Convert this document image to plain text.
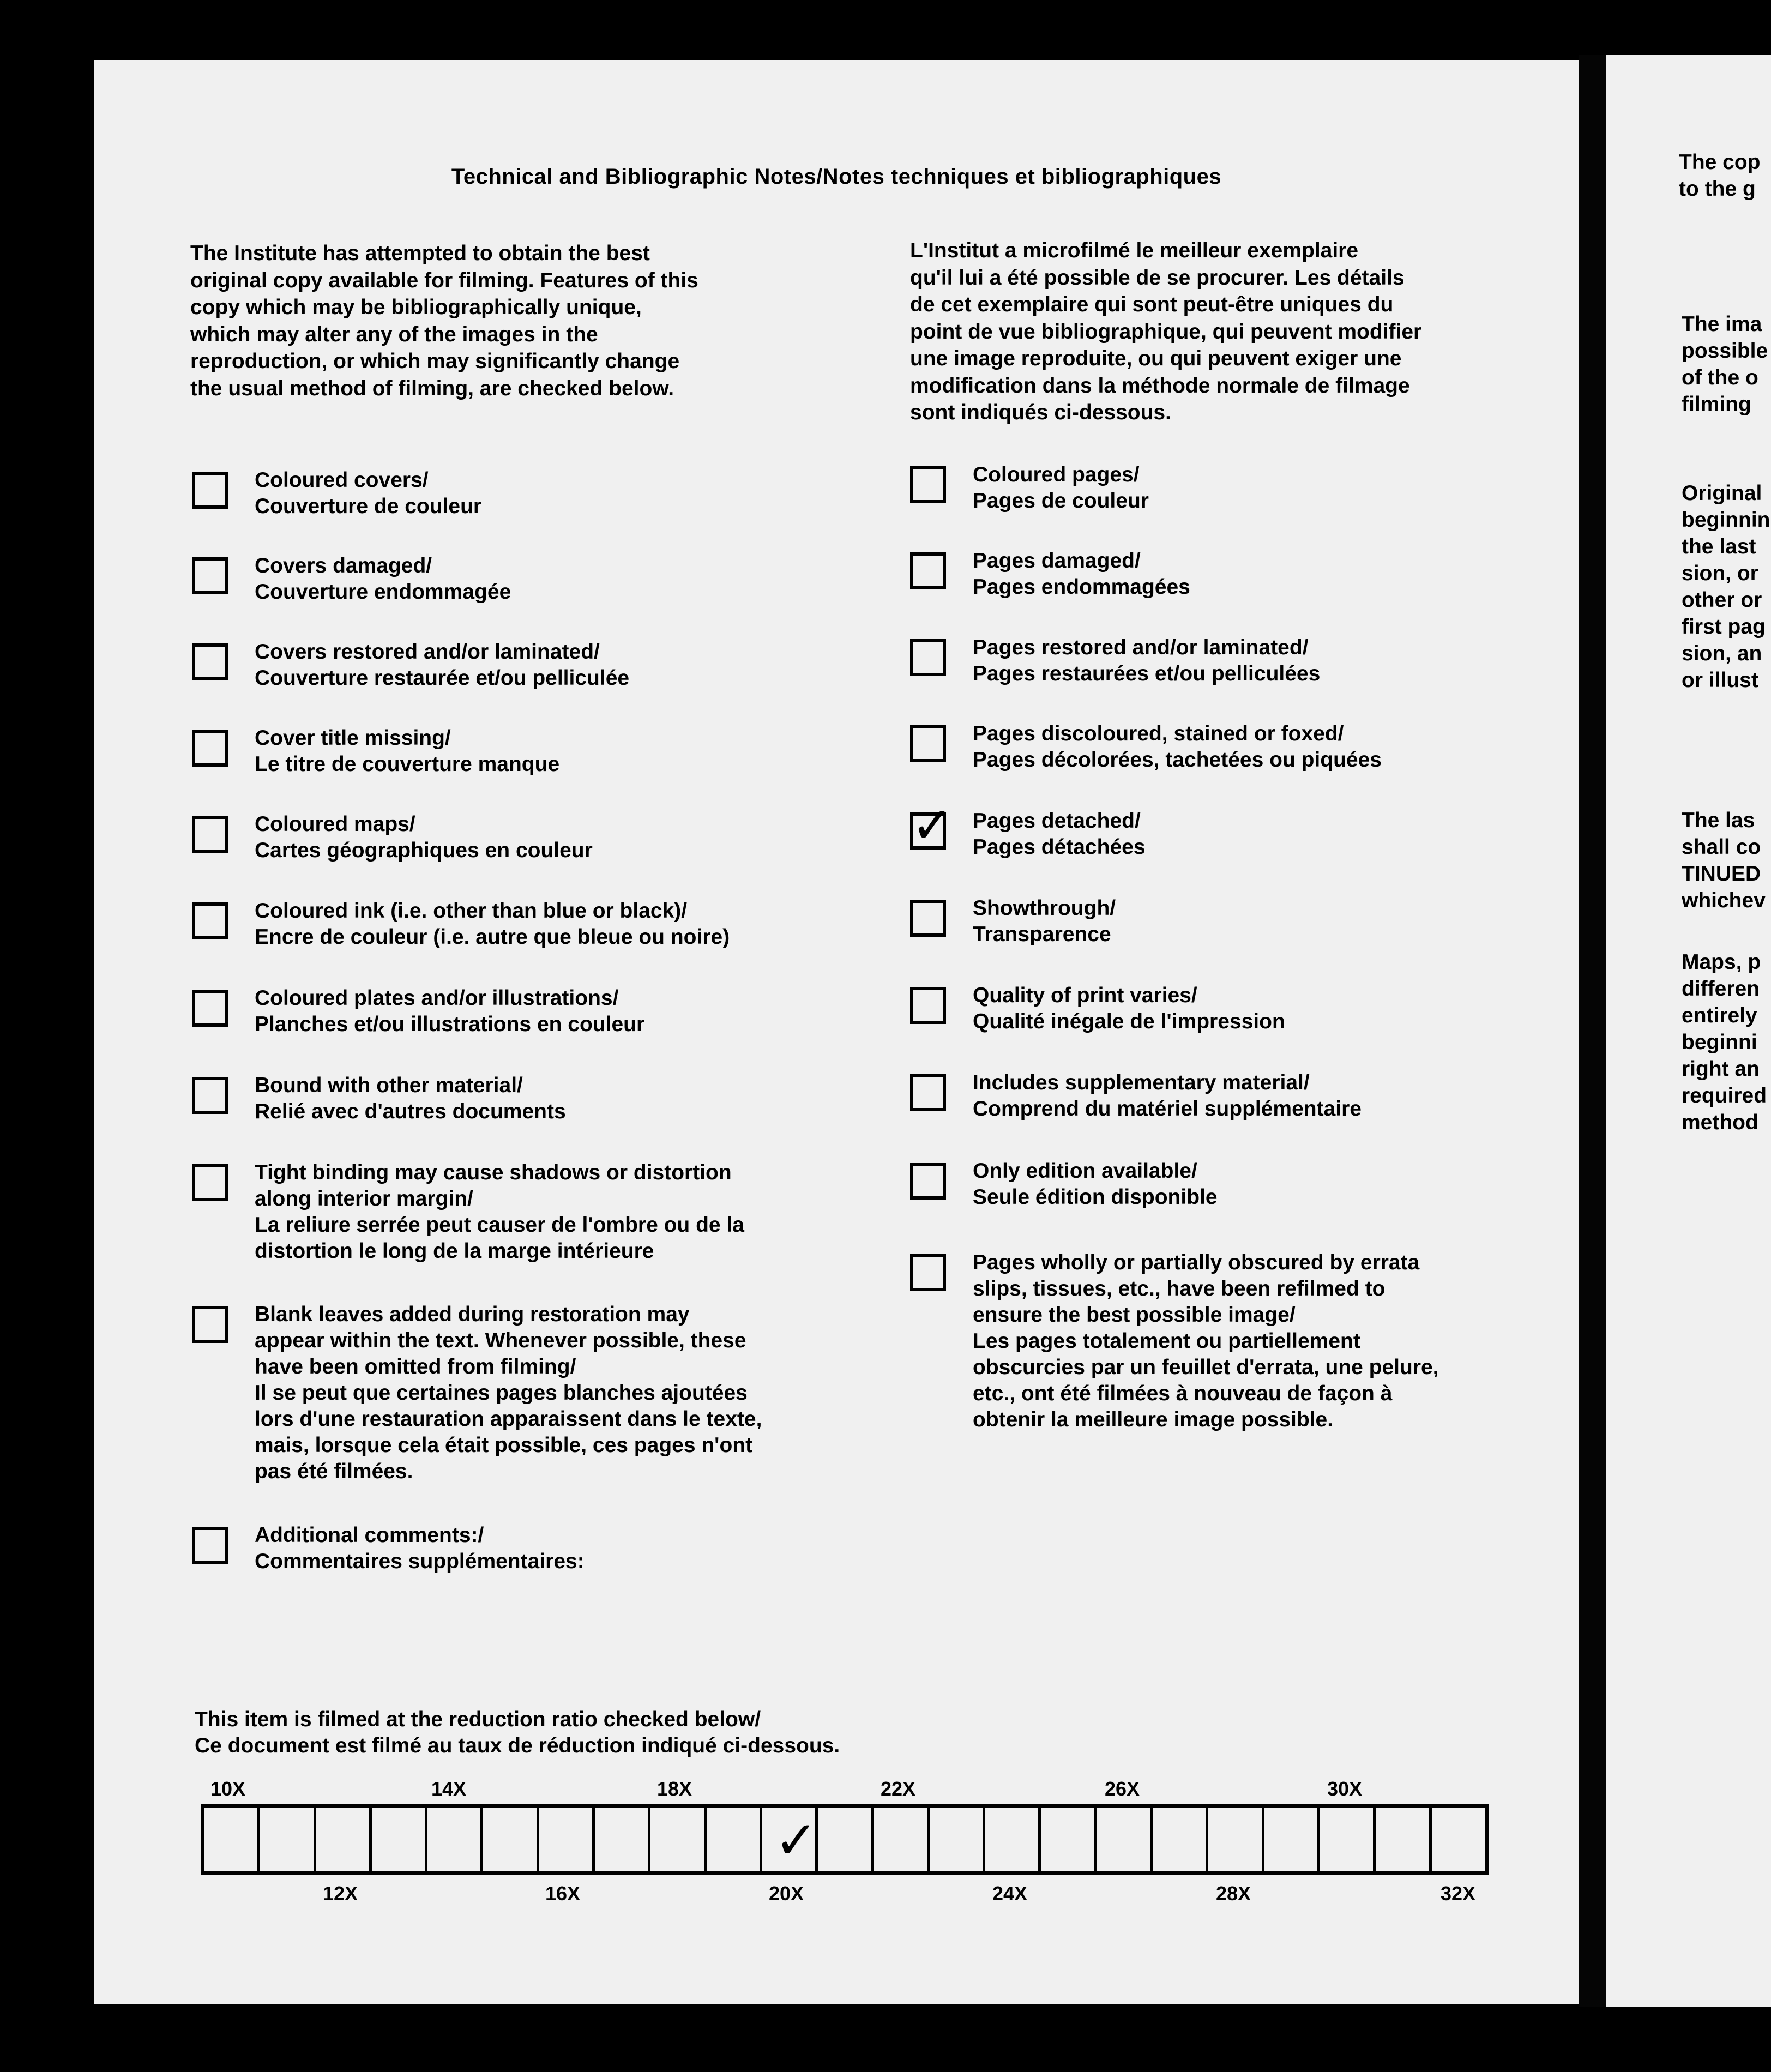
Technical and Bibliographic Notes/Notes techniques et bibliographiques
The Institute has attempted to obtain the best
original copy available for filming. Features of this
copy which may be bibliographically unique,
which may alter any of the images in the
reproduction, or which may significantly change
the usual method of filming, are checked below.
L'Institut a microfilmé le meilleur exemplaire
qu'il lui a été possible de se procurer. Les détails
de cet exemplaire qui sont peut-être uniques du
point de vue bibliographique, qui peuvent modifier
une image reproduite, ou qui peuvent exiger une
modification dans la méthode normale de filmage
sont indiqués ci-dessous.
Coloured covers/
Couverture de couleur
Covers damaged/
Couverture endommagée
Covers restored and/or laminated/
Couverture restaurée et/ou pelliculée
Cover title missing/
Le titre de couverture manque
Coloured maps/
Cartes géographiques en couleur
Coloured ink (i.e. other than blue or black)/
Encre de couleur (i.e. autre que bleue ou noire)
Coloured plates and/or illustrations/
Planches et/ou illustrations en couleur
Bound with other material/
Relié avec d'autres documents
Tight binding may cause shadows or distortion
along interior margin/
La reliure serrée peut causer de l'ombre ou de la
distortion le long de la marge intérieure
Blank leaves added during restoration may
appear within the text. Whenever possible, these
have been omitted from filming/
Il se peut que certaines pages blanches ajoutées
lors d'une restauration apparaissent dans le texte,
mais, lorsque cela était possible, ces pages n'ont
pas été filmées.
Additional comments:/
Commentaires supplémentaires:
Coloured pages/
Pages de couleur
Pages damaged/
Pages endommagées
Pages restored and/or laminated/
Pages restaurées et/ou pelliculées
Pages discoloured, stained or foxed/
Pages décolorées, tachetées ou piquées
✓ Pages detached/
Pages détachées
Showthrough/
Transparence
Quality of print varies/
Qualité inégale de l'impression
Includes supplementary material/
Comprend du matériel supplémentaire
Only edition available/
Seule édition disponible
Pages wholly or partially obscured by errata
slips, tissues, etc., have been refilmed to
ensure the best possible image/
Les pages totalement ou partiellement
obscurcies par un feuillet d'errata, une pelure,
etc., ont été filmées à nouveau de façon à
obtenir la meilleure image possible.
This item is filmed at the reduction ratio checked below/
Ce document est filmé au taux de réduction indiqué ci-dessous.
10X	14X	18X	22X	26X	30X
✓
12X	16X	20X	24X	28X	32X
The cop
to the g
The ima
possible
of the o
filming
Original
beginnin
the last
sion, or
other or
first pag
sion, an
or illust
The las
shall co
TINUED
whichev
Maps, p
differen
entirely
beginni
right an
required
method
